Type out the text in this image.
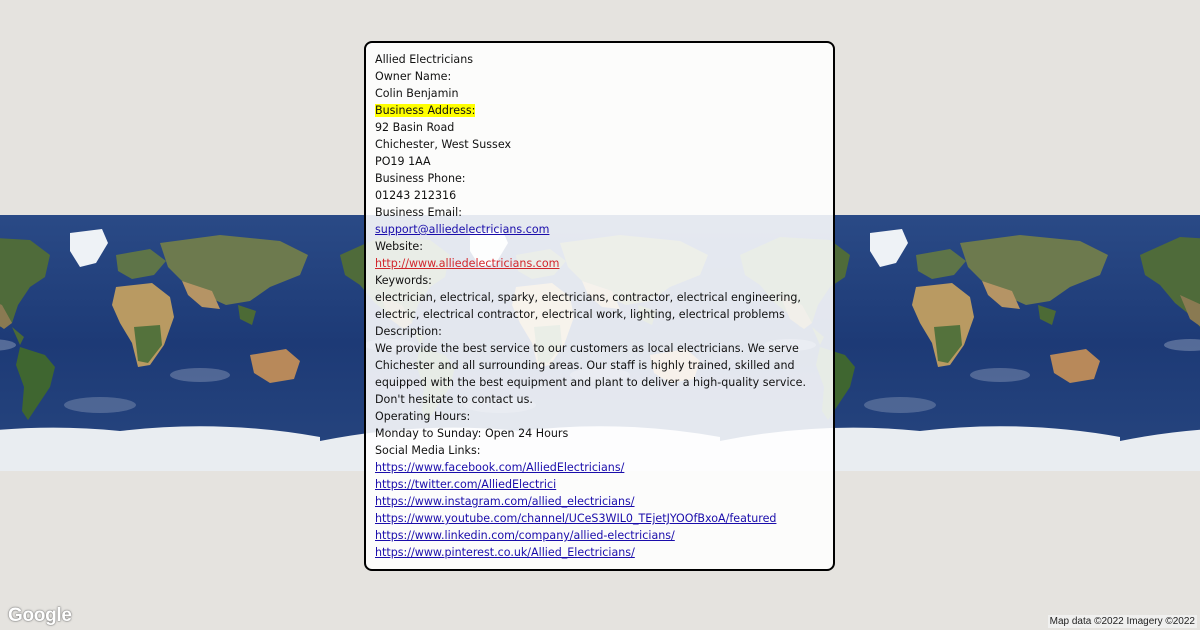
Allied Electricians
Owner Name:
Colin Benjamin
Business Address:
92 Basin Road
Chichester, West Sussex
PO19 1AA
Business Phone:
01243 212316
Business Email:
support@alliedelectricians.com
Website:
http://www.alliedelectricians.com
Keywords:
electrician, electrical, sparky, electricians, contractor, electrical engineering, electric, electrical contractor, electrical work, lighting, electrical problems
Description:
We provide the best service to our customers as local electricians. We serve Chichester and all surrounding areas. Our staff is highly trained, skilled and equipped with the best equipment and plant to deliver a high-quality service. Don't hesitate to contact us.
Operating Hours:
Monday to Sunday: Open 24 Hours
Social Media Links:
https://www.facebook.com/AlliedElectricians/
https://twitter.com/AlliedElectrici
https://www.instagram.com/allied_electricians/
https://www.youtube.com/channel/UCeS3WIL0_TEjetJYOOfBxoA/featured
https://www.linkedin.com/company/allied-electricians/
https://www.pinterest.co.uk/Allied_Electricians/
Google	Map data ©2022 Imagery ©2022
